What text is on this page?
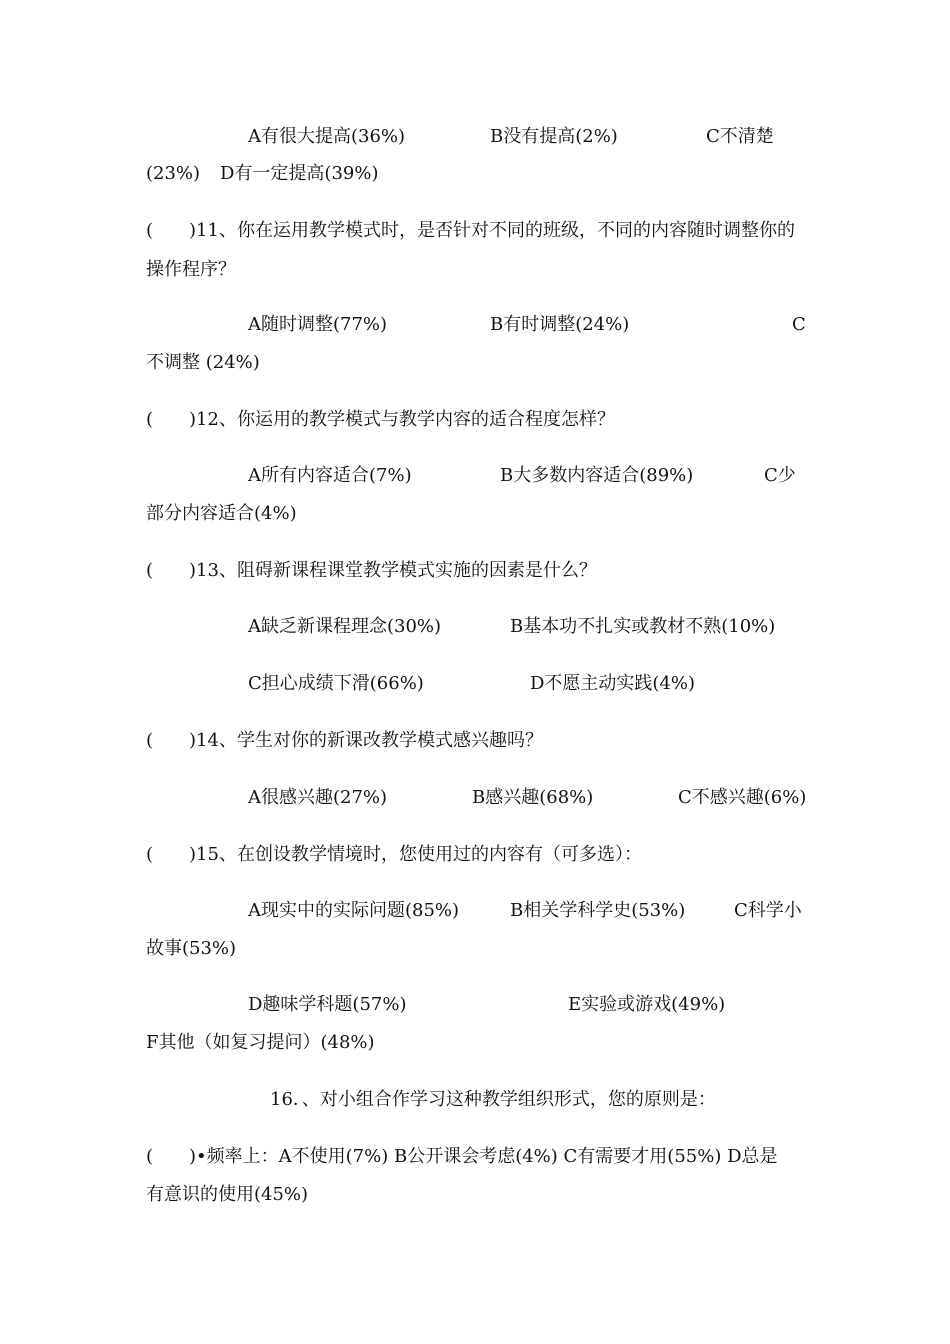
A有很大提高(36%)	B没有提高(2%)	C不清楚
(23%) D有一定提高(39%)
(　　)11、你在运用教学模式时，是否针对不同的班级，不同的内容随时调整你的
操作程序？
A随时调整(77%)	B有时调整(24%)	C
不调整 (24%)
(　　)12、你运用的教学模式与教学内容的适合程度怎样？
A所有内容适合(7%)	B大多数内容适合(89%)	C少
部分内容适合(4%)
(　　)13、阻碍新课程课堂教学模式实施的因素是什么？
A缺乏新课程理念(30%)	B基本功不扎实或教材不熟(10%)
C担心成绩下滑(66%)	D不愿主动实践(4%)
(　　)14、学生对你的新课改教学模式感兴趣吗？
A很感兴趣(27%)	B感兴趣(68%)	C不感兴趣(6%)
(　　)15、在创设教学情境时，您使用过的内容有（可多选）：
A现实中的实际问题(85%)	B相关学科学史(53%)	C科学小
故事(53%)
D趣味学科题(57%)	E实验或游戏(49%)
F其他（如复习提问）(48%)
16．、对小组合作学习这种教学组织形式，您的原则是：
(　　)•频率上：A不使用(7%) B公开课会考虑(4%) C有需要才用(55%) D总是
有意识的使用(45%)
